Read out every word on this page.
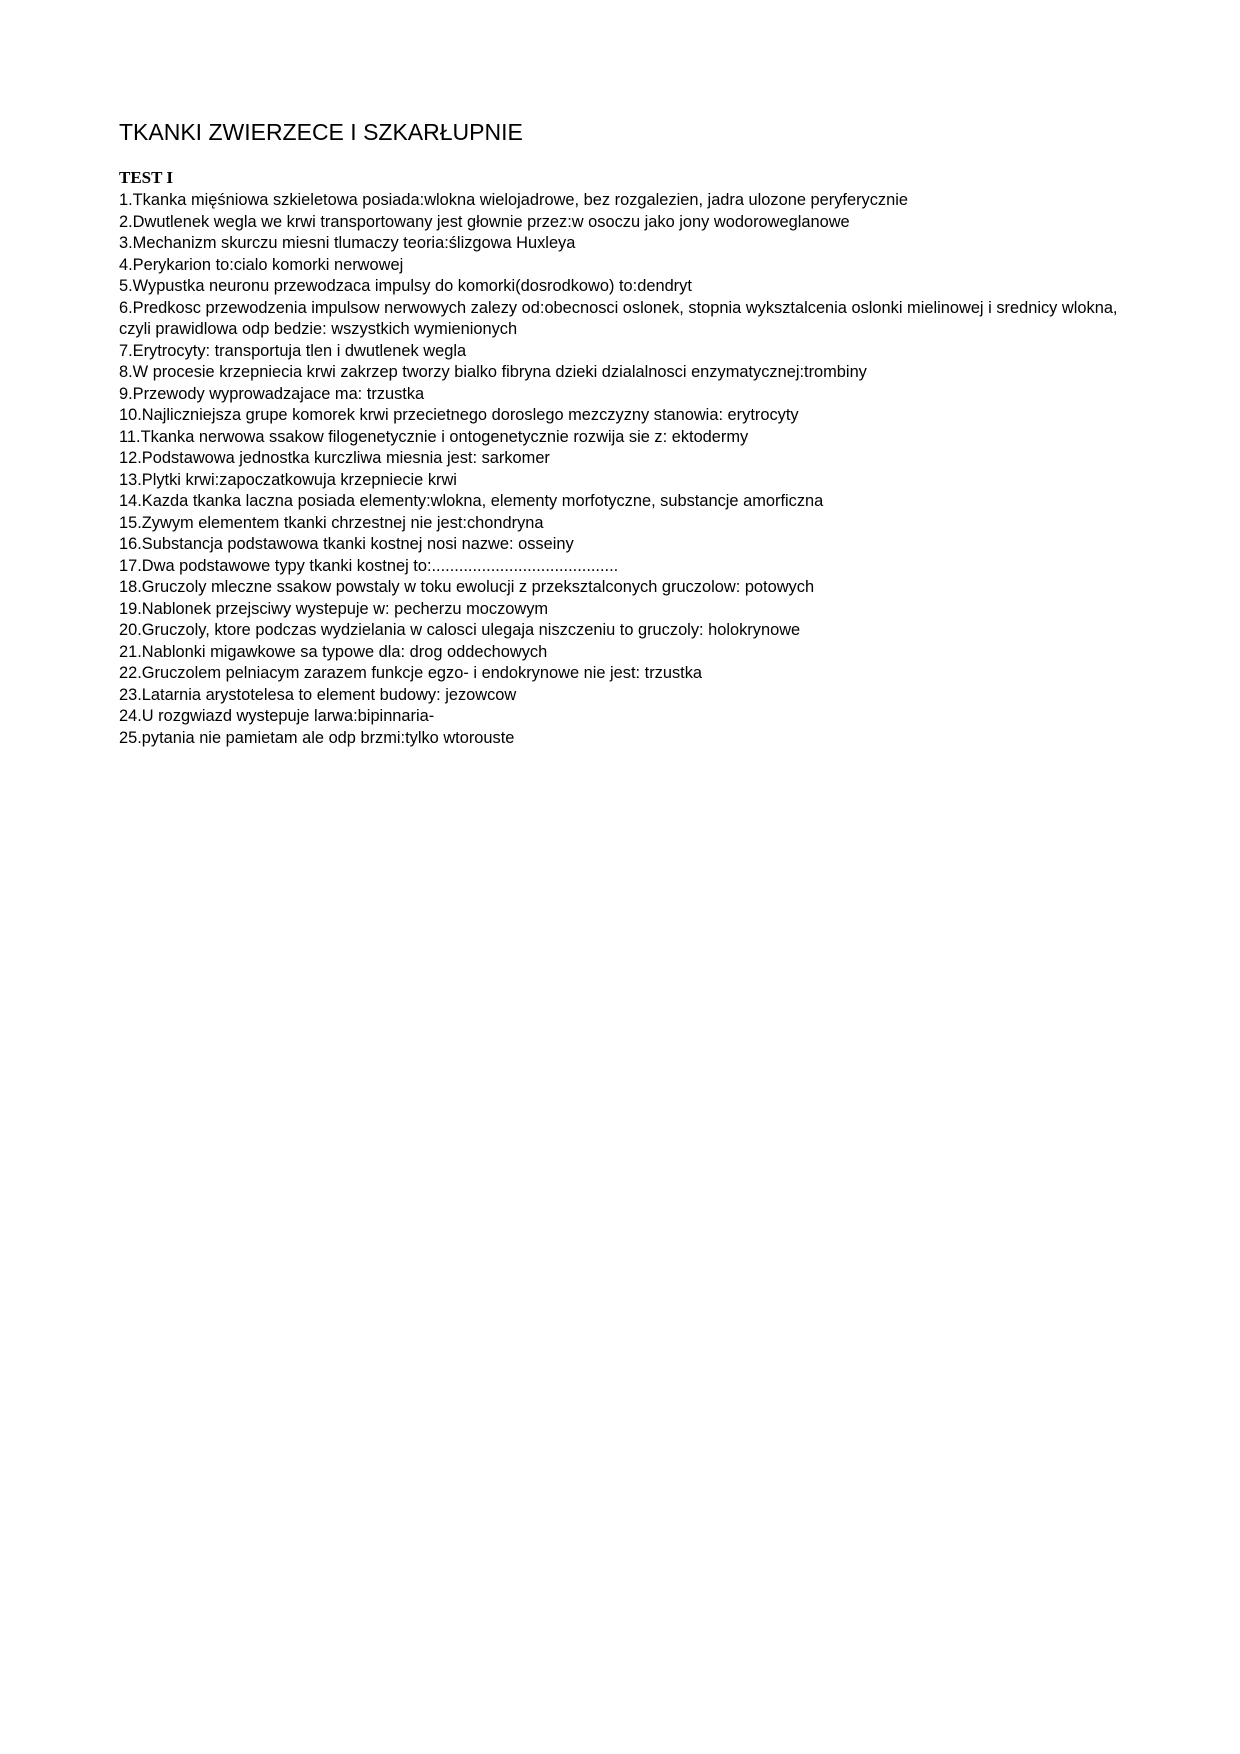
TKANKI ZWIERZECE I SZKARŁUPNIE
TEST I
1.Tkanka mięśniowa szkieletowa posiada:wlokna wielojadrowe, bez rozgalezien, jadra ulozone peryferycznie
2.Dwutlenek wegla we krwi transportowany jest głownie przez:w osoczu jako jony wodoroweglanowe
3.Mechanizm skurczu miesni tlumaczy teoria:ślizgowa Huxleya
4.Perykarion to:cialo komorki nerwowej
5.Wypustka neuronu przewodzaca impulsy do komorki(dosrodkowo) to:dendryt
6.Predkosc przewodzenia impulsow nerwowych zalezy od:obecnosci oslonek, stopnia wyksztalcenia oslonki mielinowej i srednicy wlokna, czyli prawidlowa odp bedzie: wszystkich wymienionych
7.Erytrocyty: transportuja tlen i dwutlenek wegla
8.W procesie krzepniecia krwi zakrzep tworzy bialko fibryna dzieki dzialalnosci enzymatycznej:trombiny
9.Przewody wyprowadzajace ma: trzustka
10.Najliczniejsza grupe komorek krwi przecietnego doroslego mezczyzny stanowia: erytrocyty
11.Tkanka nerwowa ssakow filogenetycznie i ontogenetycznie rozwija sie z: ektodermy
12.Podstawowa jednostka kurczliwa miesnia jest: sarkomer
13.Plytki krwi:zapoczatkowuja krzepniecie krwi
14.Kazda tkanka laczna posiada elementy:wlokna, elementy morfotyczne, substancje amorficzna
15.Zywym elementem tkanki chrzestnej nie jest:chondryna
16.Substancja podstawowa tkanki kostnej nosi nazwe: osseiny
17.Dwa podstawowe typy tkanki kostnej to:.........................................
18.Gruczoly mleczne ssakow powstaly w toku ewolucji z przeksztalconych gruczolow: potowych
19.Nablonek przejsciwy wystepuje w: pecherzu moczowym
20.Gruczoly, ktore podczas wydzielania w calosci ulegaja niszczeniu to gruczoly: holokrynowe
21.Nablonki migawkowe sa typowe dla: drog oddechowych
22.Gruczolem pelniacym zarazem funkcje egzo- i endokrynowe nie jest: trzustka
23.Latarnia arystotelesa to element budowy: jezowcow
24.U rozgwiazd wystepuje larwa:bipinnaria-
25.pytania nie pamietam ale odp brzmi:tylko wtorouste
